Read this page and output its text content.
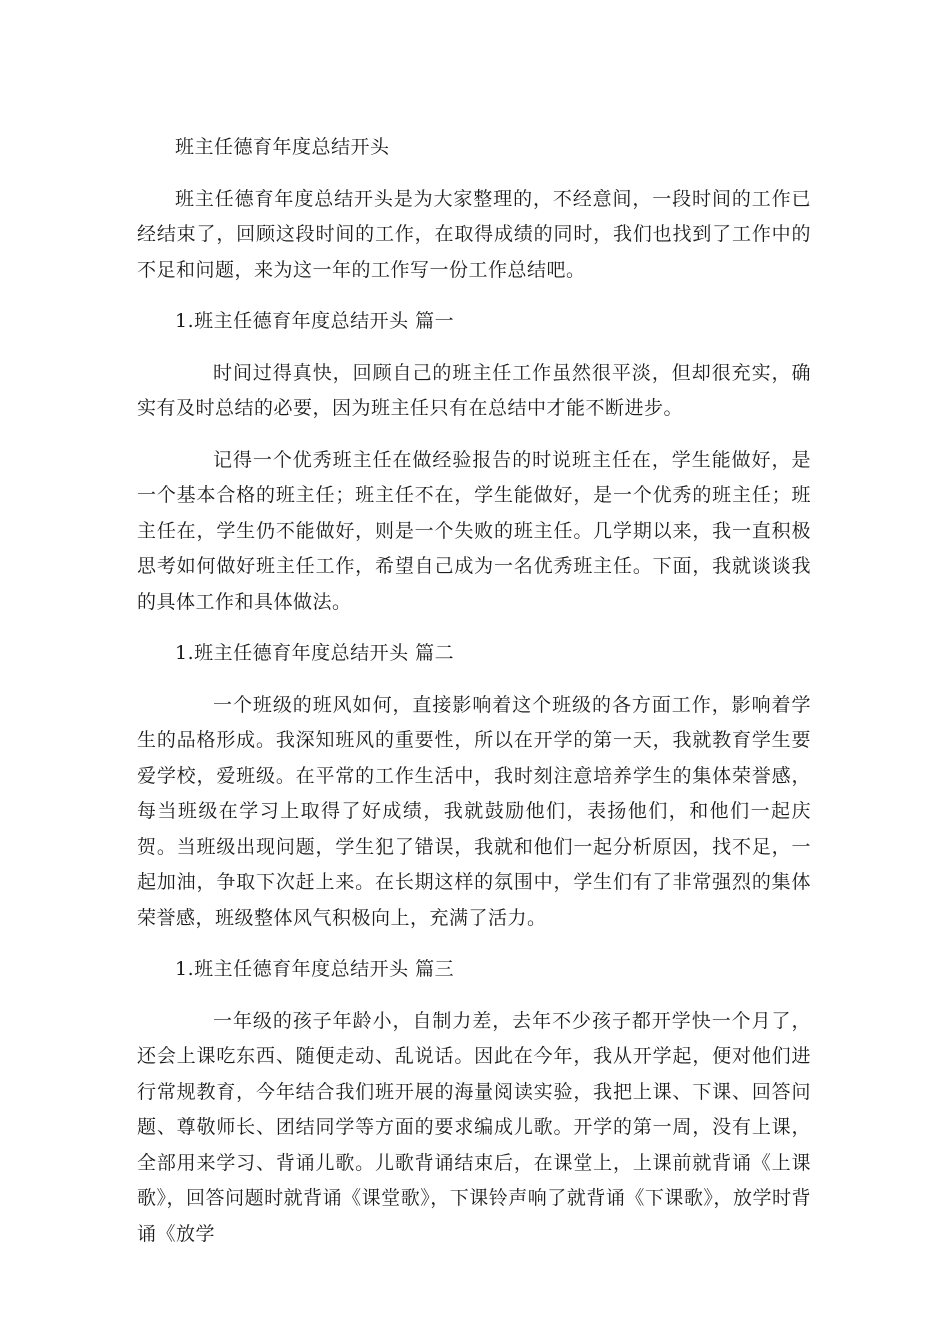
班主任德育年度总结开头

班主任德育年度总结开头是为大家整理的，不经意间，一段时间的工作已经结束了，回顾这段时间的工作，在取得成绩的同时，我们也找到了工作中的不足和问题，来为这一年的工作写一份工作总结吧。

1.班主任德育年度总结开头 篇一

时间过得真快，回顾自己的班主任工作虽然很平淡，但却很充实，确实有及时总结的必要，因为班主任只有在总结中才能不断进步。

记得一个优秀班主任在做经验报告的时说班主任在，学生能做好，是一个基本合格的班主任；班主任不在，学生能做好，是一个优秀的班主任；班主任在，学生仍不能做好，则是一个失败的班主任。几学期以来，我一直积极思考如何做好班主任工作，希望自己成为一名优秀班主任。下面，我就谈谈我的具体工作和具体做法。

1.班主任德育年度总结开头 篇二

一个班级的班风如何，直接影响着这个班级的各方面工作，影响着学生的品格形成。我深知班风的重要性，所以在开学的第一天，我就教育学生要爱学校，爱班级。在平常的工作生活中，我时刻注意培养学生的集体荣誉感，每当班级在学习上取得了好成绩，我就鼓励他们，表扬他们，和他们一起庆贺。当班级出现问题，学生犯了错误，我就和他们一起分析原因，找不足，一起加油，争取下次赶上来。在长期这样的氛围中，学生们有了非常强烈的集体荣誉感，班级整体风气积极向上，充满了活力。

1.班主任德育年度总结开头 篇三

一年级的孩子年龄小，自制力差，去年不少孩子都开学快一个月了，还会上课吃东西、随便走动、乱说话。因此在今年，我从开学起，便对他们进行常规教育，今年结合我们班开展的海量阅读实验，我把上课、下课、回答问题、尊敬师长、团结同学等方面的要求编成儿歌。开学的第一周，没有上课，全部用来学习、背诵儿歌。儿歌背诵结束后，在课堂上，上课前就背诵《上课歌》，回答问题时就背诵《课堂歌》，下课铃声响了就背诵《下课歌》，放学时背诵《放学
